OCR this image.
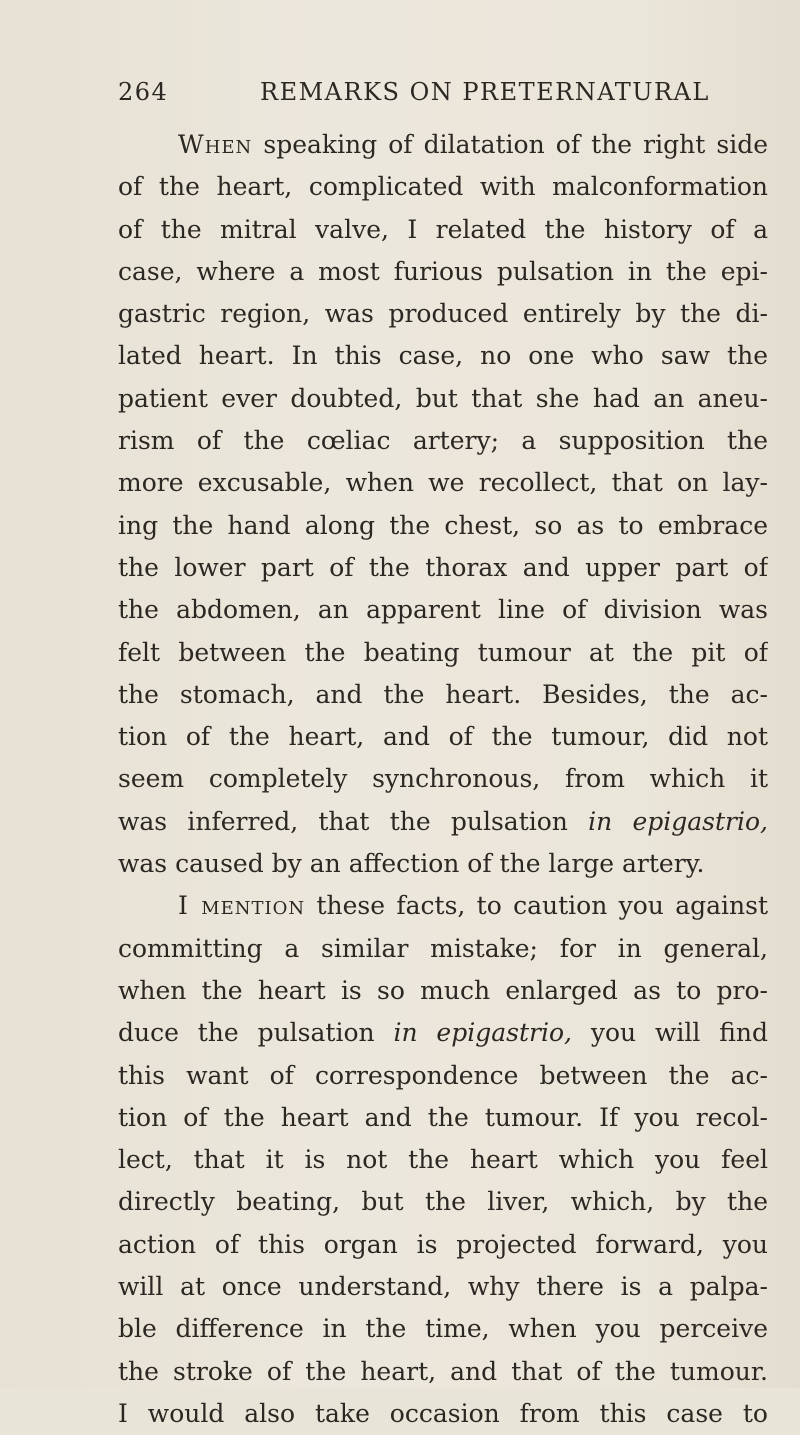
264	REMARKS ON PRETERNATURAL
When speaking of dilatation of the right side
of the heart, complicated with malconformation
of the mitral valve, I related the history of a
case, where a most furious pulsation in the epi-
gastric region, was produced entirely by the di-
lated heart. In this case, no one who saw the
patient ever doubted, but that she had an aneu-
rism of the cœliac artery; a supposition the
more excusable, when we recollect, that on lay-
ing the hand along the chest, so as to embrace
the lower part of the thorax and upper part of
the abdomen, an apparent line of division was
felt between the beating tumour at the pit of
the stomach, and the heart. Besides, the ac-
tion of the heart, and of the tumour, did not
seem completely synchronous, from which it
was inferred, that the pulsation in epigastrio,
was caused by an affection of the large artery.
I mention these facts, to caution you against
committing a similar mistake; for in general,
when the heart is so much enlarged as to pro-
duce the pulsation in epigastrio, you will find
this want of correspondence between the ac-
tion of the heart and the tumour. If you recol-
lect, that it is not the heart which you feel
directly beating, but the liver, which, by the
action of this organ is projected forward, you
will at once understand, why there is a palpa-
ble difference in the time, when you perceive
the stroke of the heart, and that of the tumour.
I would also take occasion from this case to
